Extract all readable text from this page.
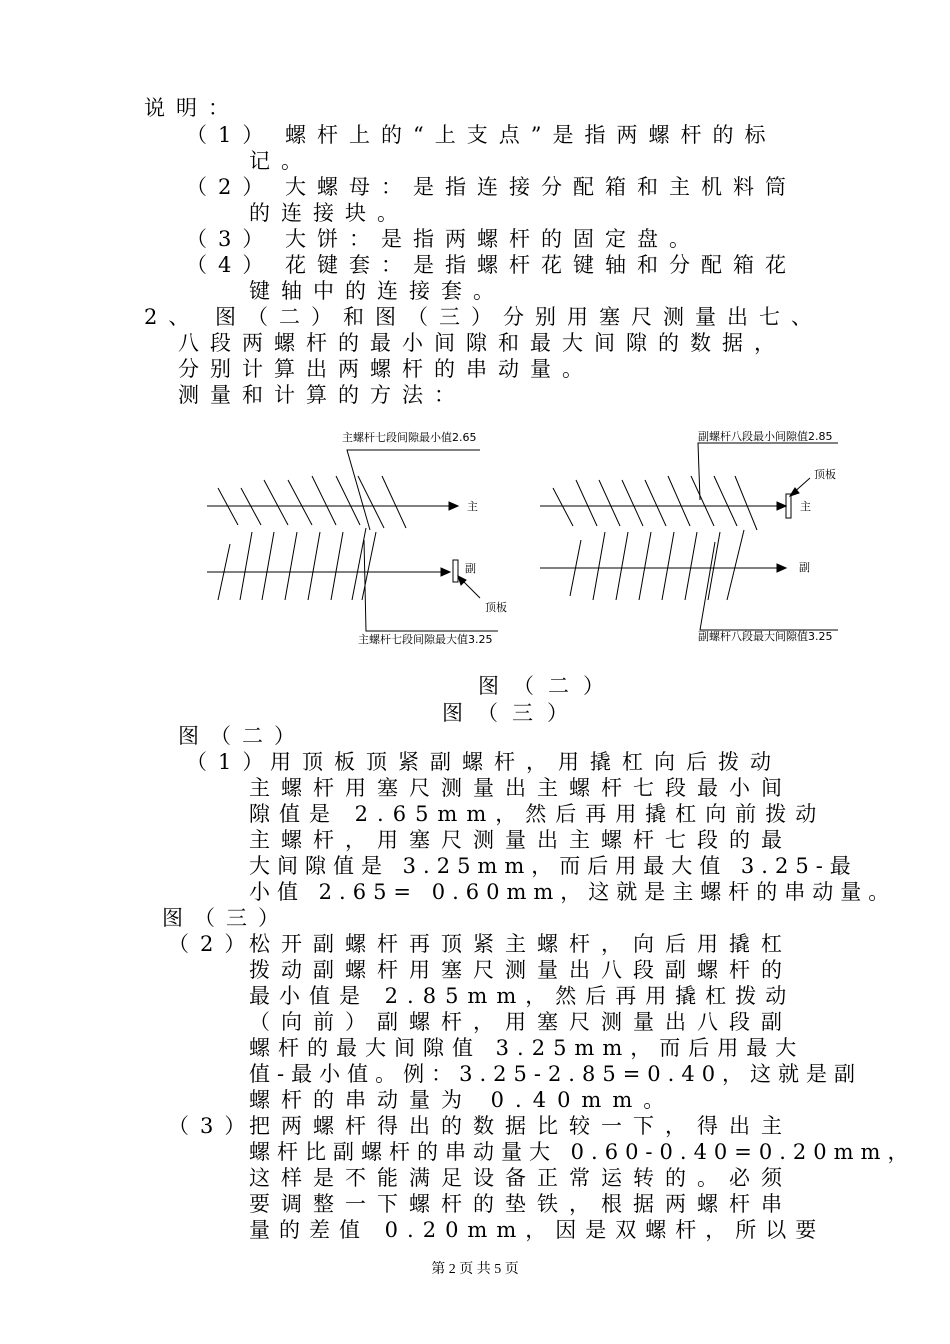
说明：
（1） 螺杆上的“上支点”是指两螺杆的标
记。
（2） 大螺母：是指连接分配箱和主机料筒
的连接块。
（3） 大饼：是指两螺杆的固定盘。
（4） 花键套：是指螺杆花键轴和分配箱花
键轴中的连接套。
2、 图（二）和图（三）分别用塞尺测量出七、
八段两螺杆的最小间隙和最大间隙的数据，
分别计算出两螺杆的串动量。
测量和计算的方法：
主螺杆七段间隙最小值2.65
主螺杆七段间隙最大值3.25
主
副
顶板
副螺杆八段最小间隙值2.85
副螺杆八段最大间隙值3.25
主
副
顶板
图（二）
图（三）
图（二）
（1）
用顶板顶紧副螺杆，用撬杠向后拨动
主螺杆用塞尺测量出主螺杆七段最小间
隙值是 2.65mm，然后再用撬杠向前拨动
主螺杆，用塞尺测量出主螺杆七段的最
大间隙值是 3.25mm，而后用最大值 3.25-最
小值 2.65= 0.60mm，这就是主螺杆的串动量。
图（三）
（2）
松开副螺杆再顶紧主螺杆，向后用撬杠
拨动副螺杆用塞尺测量出八段副螺杆的
最小值是 2.85mm，然后再用撬杠拨动
（向前）副螺杆，用塞尺测量出八段副
螺杆的最大间隙值 3.25mm，而后用最大
值-最小值。例：3.25-2.85=0.40，这就是副
螺杆的串动量为 0.40mm。
（3）
把两螺杆得出的数据比较一下，得出主
螺杆比副螺杆的串动量大 0.60-0.40=0.20mm，
这样是不能满足设备正常运转的。必须
要调整一下螺杆的垫铁，根据两螺杆串
量的差值 0.20mm，因是双螺杆，所以要
第 2 页 共 5 页
